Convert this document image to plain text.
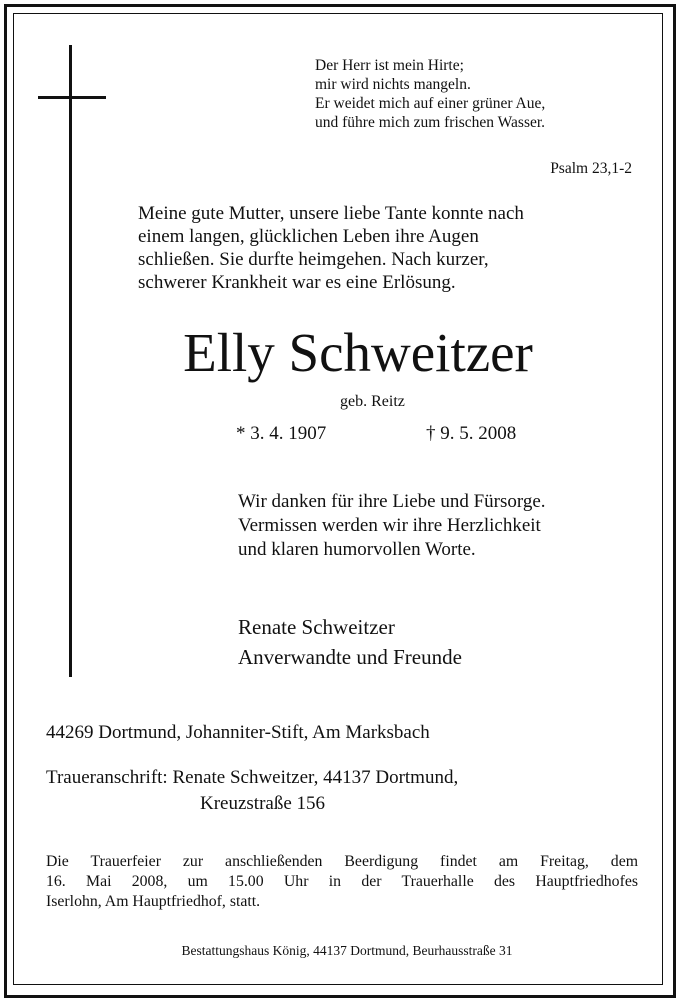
Der Herr ist mein Hirte;
mir wird nichts mangeln.
Er weidet mich auf einer grüner Aue,
und führe mich zum frischen Wasser.
Psalm 23,1-2
Meine gute Mutter, unsere liebe Tante konnte nach
einem langen, glücklichen Leben ihre Augen
schließen. Sie durfte heimgehen. Nach kurzer,
schwerer Krankheit war es eine Erlösung.
Elly Schweitzer
geb. Reitz
* 3. 4. 1907	† 9. 5. 2008
Wir danken für ihre Liebe und Fürsorge.
Vermissen werden wir ihre Herzlichkeit
und klaren humorvollen Worte.
Renate Schweitzer
Anverwandte und Freunde
44269 Dortmund, Johanniter-Stift, Am Marksbach
Traueranschrift: Renate Schweitzer, 44137 Dortmund,
Kreuzstraße 156
Die Trauerfeier zur anschließenden Beerdigung findet am Freitag, dem
16. Mai 2008, um 15.00 Uhr in der Trauerhalle des Hauptfriedhofes
Iserlohn, Am Hauptfriedhof, statt.
Bestattungshaus König, 44137 Dortmund, Beurhausstraße 31
